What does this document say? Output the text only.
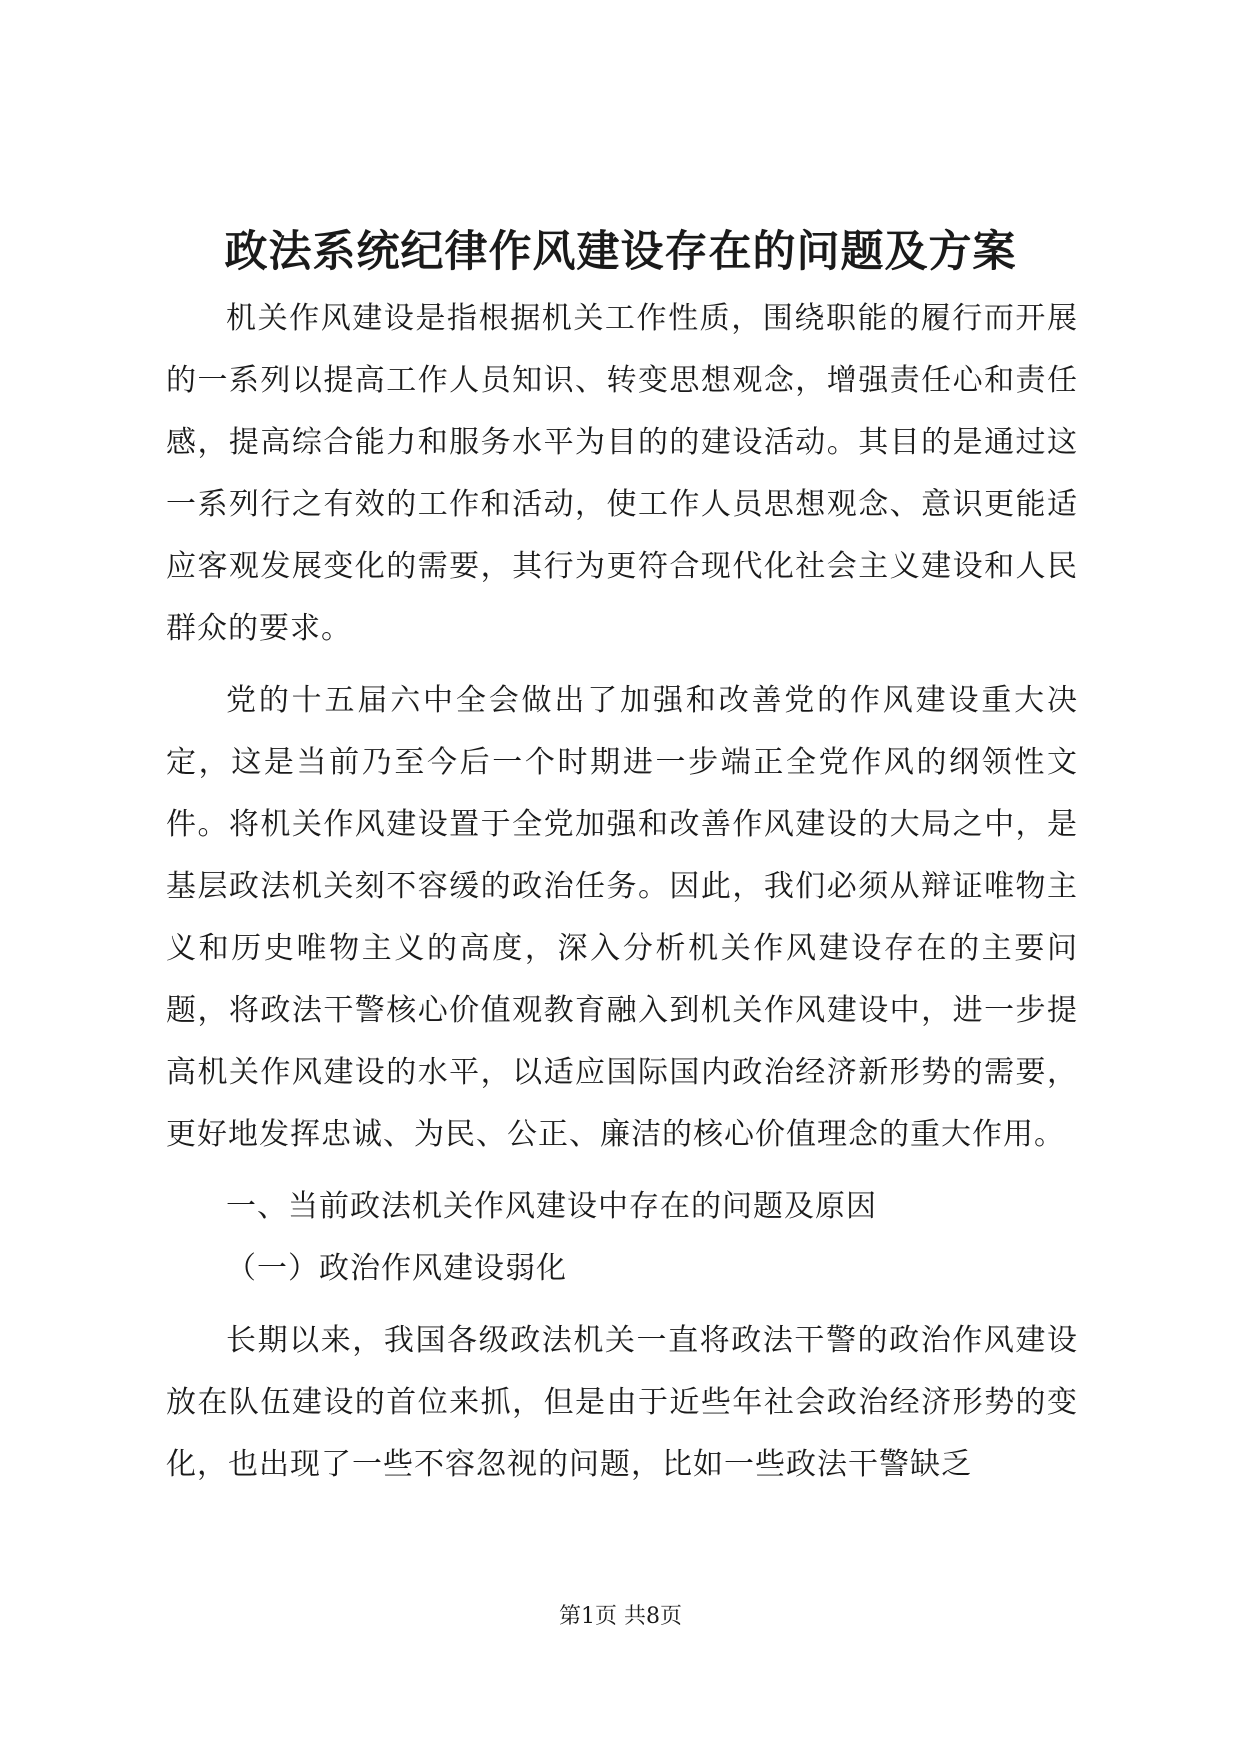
政法系统纪律作风建设存在的问题及方案

机关作风建设是指根据机关工作性质，围绕职能的履行而开展的一系列以提高工作人员知识、转变思想观念，增强责任心和责任感，提高综合能力和服务水平为目的的建设活动。其目的是通过这一系列行之有效的工作和活动，使工作人员思想观念、意识更能适应客观发展变化的需要，其行为更符合现代化社会主义建设和人民群众的要求。

党的十五届六中全会做出了加强和改善党的作风建设重大决定，这是当前乃至今后一个时期进一步端正全党作风的纲领性文件。将机关作风建设置于全党加强和改善作风建设的大局之中，是基层政法机关刻不容缓的政治任务。因此，我们必须从辩证唯物主义和历史唯物主义的高度，深入分析机关作风建设存在的主要问题，将政法干警核心价值观教育融入到机关作风建设中，进一步提高机关作风建设的水平，以适应国际国内政治经济新形势的需要，更好地发挥忠诚、为民、公正、廉洁的核心价值理念的重大作用。

一、当前政法机关作风建设中存在的问题及原因

（一）政治作风建设弱化

长期以来，我国各级政法机关一直将政法干警的政治作风建设放在队伍建设的首位来抓，但是由于近些年社会政治经济形势的变化，也出现了一些不容忽视的问题，比如一些政法干警缺乏

第1页 共8页
